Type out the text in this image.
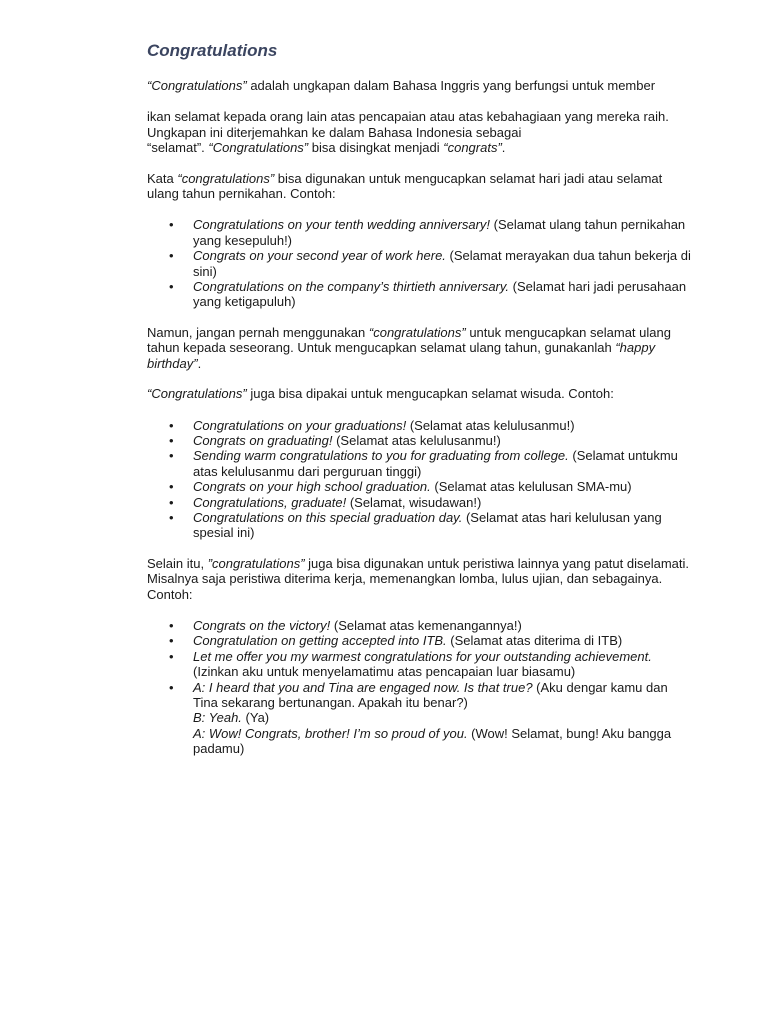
Congratulations

“Congratulations” adalah ungkapan dalam Bahasa Inggris yang berfungsi untuk member

ikan selamat kepada orang lain atas pencapaian atau atas kebahagiaan yang mereka raih. Ungkapan ini diterjemahkan ke dalam Bahasa Indonesia sebagai
“selamat”. “Congratulations” bisa disingkat menjadi “congrats”.

Kata “congratulations” bisa digunakan untuk mengucapkan selamat hari jadi atau selamat ulang tahun pernikahan. Contoh:

• Congratulations on your tenth wedding anniversary! (Selamat ulang tahun pernikahan yang kesepuluh!)
• Congrats on your second year of work here. (Selamat merayakan dua tahun bekerja di sini)
• Congratulations on the company’s thirtieth anniversary. (Selamat hari jadi perusahaan yang ketigapuluh)

Namun, jangan pernah menggunakan “congratulations” untuk mengucapkan selamat ulang tahun kepada seseorang. Untuk mengucapkan selamat ulang tahun, gunakanlah “happy birthday”.

“Congratulations” juga bisa dipakai untuk mengucapkan selamat wisuda. Contoh:

• Congratulations on your graduations! (Selamat atas kelulusanmu!)
• Congrats on graduating! (Selamat atas kelulusanmu!)
• Sending warm congratulations to you for graduating from college. (Selamat untukmu atas kelulusanmu dari perguruan tinggi)
• Congrats on your high school graduation. (Selamat atas kelulusan SMA-mu)
• Congratulations, graduate! (Selamat, wisudawan!)
• Congratulations on this special graduation day. (Selamat atas hari kelulusan yang spesial ini)

Selain itu, ”congratulations” juga bisa digunakan untuk peristiwa lainnya yang patut diselamati. Misalnya saja peristiwa diterima kerja, memenangkan lomba, lulus ujian, dan sebagainya. Contoh:

• Congrats on the victory! (Selamat atas kemenangannya!)
• Congratulation on getting accepted into ITB. (Selamat atas diterima di ITB)
• Let me offer you my warmest congratulations for your outstanding achievement. (Izinkan aku untuk menyelamatimu atas pencapaian luar biasamu)
• A: I heard that you and Tina are engaged now. Is that true? (Aku dengar kamu dan Tina sekarang bertunangan. Apakah itu benar?)
B: Yeah. (Ya)
A: Wow! Congrats, brother! I’m so proud of you. (Wow! Selamat, bung! Aku bangga padamu)
